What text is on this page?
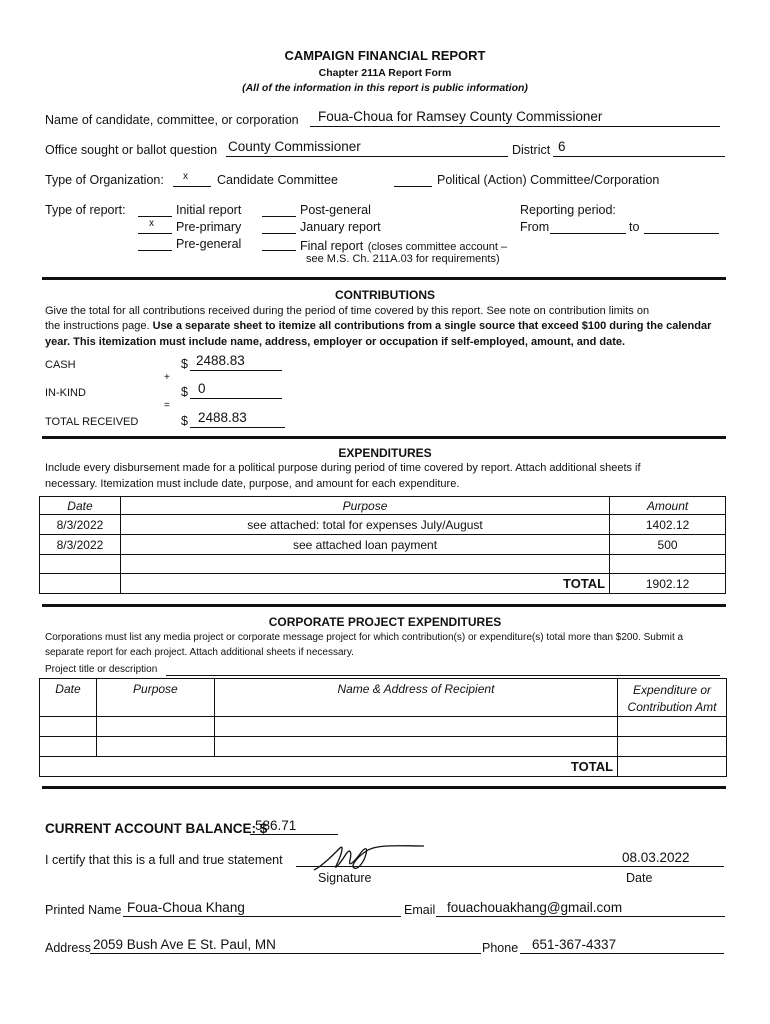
CAMPAIGN FINANCIAL REPORT
Chapter 211A Report Form
(All of the information in this report is public information)
Name of candidate, committee, or corporation Foua-Choua for Ramsey County Commissioner
Office sought or ballot question County Commissioner	District 6
Type of Organization: x Candidate Committee	Political (Action) Committee/Corporation
Type of report:	Initial report
x Pre-primary
Pre-general
Post-general
January report
Final report (closes committee account –
see M.S. Ch. 211A.03 for requirements)
Reporting period:
From	to
CONTRIBUTIONS
Give the total for all contributions received during the period of time covered by this report. See note on contribution limits on
the instructions page. Use a separate sheet to itemize all contributions from a single source that exceed $100 during the calendar
year. This itemization must include name, address, employer or occupation if self-employed, amount, and date.
CASH	$ 2488.83
+
IN-KIND	$ 0
=
TOTAL RECEIVED	$ 2488.83
EXPENDITURES
Include every disbursement made for a political purpose during period of time covered by report. Attach additional sheets if
necessary. Itemization must include date, purpose, and amount for each expenditure.
Date	Purpose	Amount
8/3/2022	see attached: total for expenses July/August	1402.12
8/3/2022	see attached loan payment	500

	TOTAL	1902.12
CORPORATE PROJECT EXPENDITURES
Corporations must list any media project or corporate message project for which contribution(s) or expenditure(s) total more than $200. Submit a
separate report for each project. Attach additional sheets if necessary.
Project title or description
Date	Purpose	Name & Address of Recipient	Expenditure or
Contribution Amt

TOTAL			
CURRENT ACCOUNT BALANCE: $
586.71
I certify that this is a full and true statement
Signature
08.03.2022
Date
Printed Name Foua-Choua Khang	Email fouachouakhang@gmail.com
Address 2059 Bush Ave E St. Paul, MN	Phone 651-367-4337
